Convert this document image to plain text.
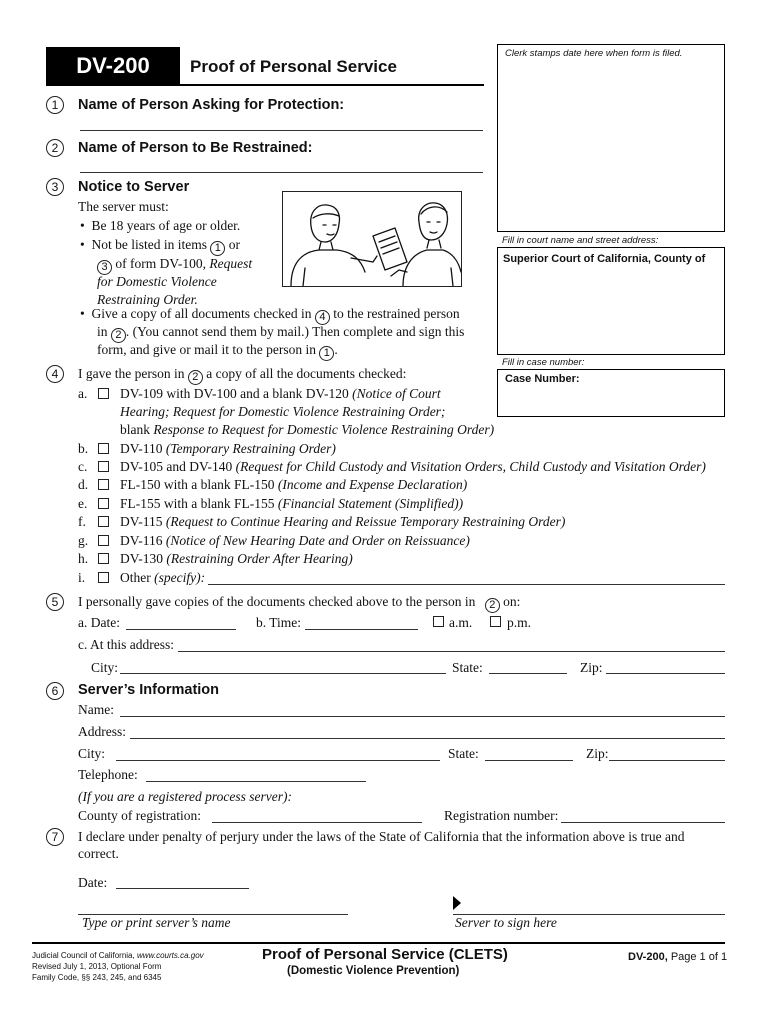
DV-200 Proof of Personal Service
Clerk stamps date here when form is filed.
Fill in court name and street address:
Superior Court of California, County of
Fill in case number:
Case Number:
1	Name of Person Asking for Protection:
2	Name of Person to Be Restrained:
3	Notice to Server
The server must:
• Be 18 years of age or older.
• Not be listed in items 1 or
3 of form DV-100, Request
for Domestic Violence
Restraining Order.
• Give a copy of all documents checked in 4 to the restrained person
in 2 . (You cannot send them by mail.) Then complete and sign this
form, and give or mail it to the person in 1 .
4	I gave the person in 2 a copy of all the documents checked:
a. DV-109 with DV-100 and a blank DV-120 (Notice of Court
Hearing; Request for Domestic Violence Restraining Order;
blank Response to Request for Domestic Violence Restraining Order)
b. DV-110 (Temporary Restraining Order)
c. DV-105 and DV-140 (Request for Child Custody and Visitation Orders, Child Custody and Visitation Order)
d. FL-150 with a blank FL-150 (Income and Expense Declaration)
e. FL-155 with a blank FL-155 (Financial Statement (Simplified))
f.	DV-115 (Request to Continue Hearing and Reissue Temporary Restraining Order)
g. DV-116 (Notice of New Hearing Date and Order on Reissuance)
h. DV-130 (Restraining Order After Hearing)
i.	Other (specify):
5	I personally gave copies of the documents checked above to the person in 2 on:
a. Date:	b. Time:	a.m.	p.m.
c. At this address:
City:	State:	Zip:
6	Server’s Information
Name:
Address:
City:	State:	Zip:
Telephone:
(If you are a registered process server):
County of registration:	Registration number:
7	I declare under penalty of perjury under the laws of the State of California that the information above is true and
correct.
Date:
Type or print server’s name	Server to sign here
Judicial Council of California, www.courts.ca.gov
Revised July 1, 2013, Optional Form
Family Code, §§ 243, 245, and 6345
Proof of Personal Service (CLETS)
(Domestic Violence Prevention)
DV-200, Page 1 of 1
